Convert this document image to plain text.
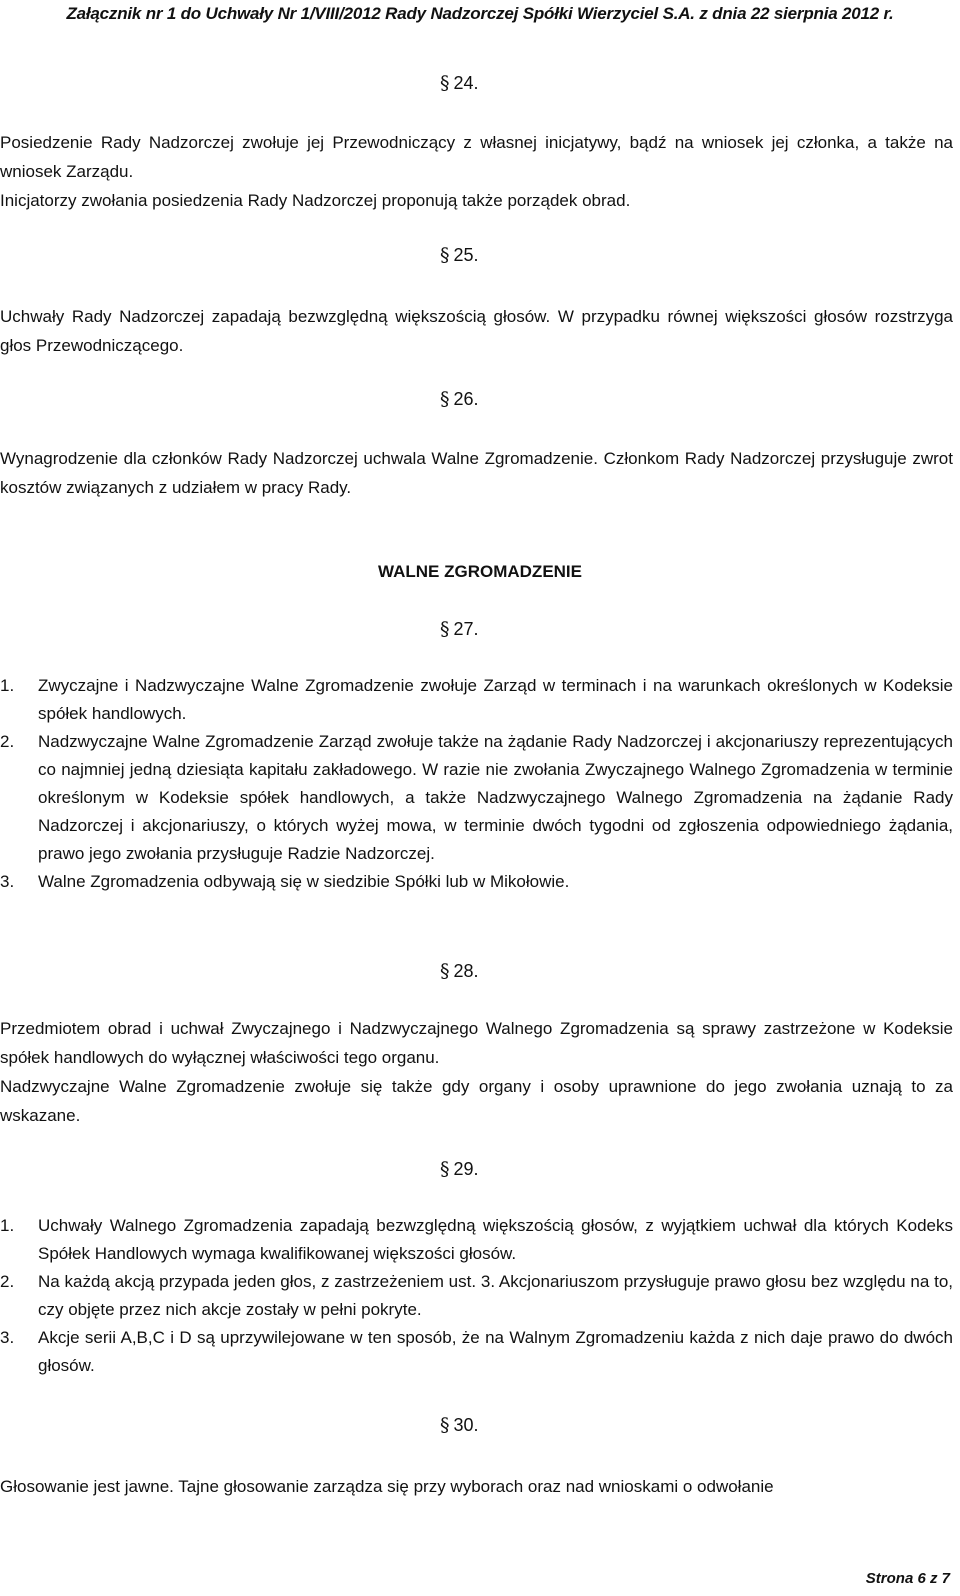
Załącznik nr 1 do Uchwały Nr 1/VIII/2012 Rady Nadzorczej Spółki Wierzyciel S.A. z dnia 22 sierpnia 2012 r.
§ 24.
Posiedzenie Rady Nadzorczej zwołuje jej Przewodniczący z własnej inicjatywy, bądź na wniosek jej członka, a także na wniosek Zarządu.
Inicjatorzy zwołania posiedzenia Rady Nadzorczej proponują także porządek obrad.
§ 25.
Uchwały Rady Nadzorczej zapadają bezwzględną większością głosów. W przypadku równej większości głosów rozstrzyga głos Przewodniczącego.
§ 26.
Wynagrodzenie dla członków Rady Nadzorczej uchwala Walne Zgromadzenie. Członkom Rady Nadzorczej przysługuje zwrot kosztów związanych z udziałem w pracy Rady.
WALNE ZGROMADZENIE
§ 27.
1. Zwyczajne i Nadzwyczajne Walne Zgromadzenie zwołuje Zarząd w terminach i na warunkach określonych w Kodeksie spółek handlowych.
2. Nadzwyczajne Walne Zgromadzenie Zarząd zwołuje także na żądanie Rady Nadzorczej i akcjonariuszy reprezentujących co najmniej jedną dziesiąta kapitału zakładowego. W razie nie zwołania Zwyczajnego Walnego Zgromadzenia w terminie określonym w Kodeksie spółek handlowych, a także Nadzwyczajnego Walnego Zgromadzenia na żądanie Rady Nadzorczej i akcjonariuszy, o których wyżej mowa, w terminie dwóch tygodni od zgłoszenia odpowiedniego żądania, prawo jego zwołania przysługuje Radzie Nadzorczej.
3. Walne Zgromadzenia odbywają się w siedzibie Spółki lub w Mikołowie.
§ 28.
Przedmiotem obrad i uchwał Zwyczajnego i Nadzwyczajnego Walnego Zgromadzenia są sprawy zastrzeżone w Kodeksie spółek handlowych do wyłącznej właściwości tego organu.
Nadzwyczajne Walne Zgromadzenie zwołuje się także gdy organy i osoby uprawnione do jego zwołania uznają to za wskazane.
§ 29.
1. Uchwały Walnego Zgromadzenia zapadają bezwzględną większością głosów, z wyjątkiem uchwał dla których Kodeks Spółek Handlowych wymaga kwalifikowanej większości głosów.
2. Na każdą akcją przypada jeden głos, z zastrzeżeniem ust. 3. Akcjonariuszom przysługuje prawo głosu bez względu na to, czy objęte przez nich akcje zostały w pełni pokryte.
3. Akcje serii A,B,C i D są uprzywilejowane w ten sposób, że na Walnym Zgromadzeniu każda z nich daje prawo do dwóch głosów.
§ 30.
Głosowanie jest jawne. Tajne głosowanie zarządza się przy wyborach oraz nad wnioskami o odwołanie
Strona 6 z 7
